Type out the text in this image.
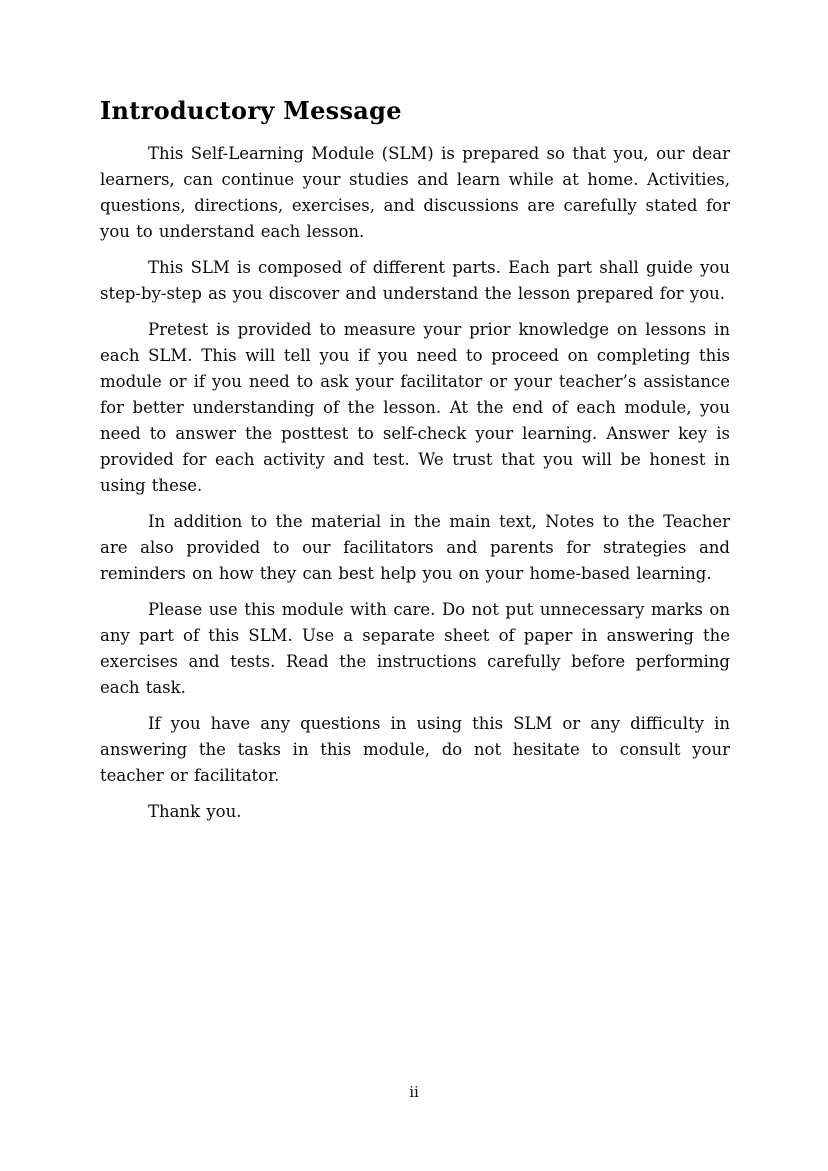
Introductory Message

This Self-Learning Module (SLM) is prepared so that you, our dear learners, can continue your studies and learn while at home. Activities, questions, directions, exercises, and discussions are carefully stated for you to understand each lesson.

This SLM is composed of different parts. Each part shall guide you step-by-step as you discover and understand the lesson prepared for you.

Pretest is provided to measure your prior knowledge on lessons in each SLM. This will tell you if you need to proceed on completing this module or if you need to ask your facilitator or your teacher’s assistance for better understanding of the lesson. At the end of each module, you need to answer the posttest to self-check your learning. Answer key is provided for each activity and test. We trust that you will be honest in using these.

In addition to the material in the main text, Notes to the Teacher are also provided to our facilitators and parents for strategies and reminders on how they can best help you on your home-based learning.

Please use this module with care. Do not put unnecessary marks on any part of this SLM. Use a separate sheet of paper in answering the exercises and tests. Read the instructions carefully before performing each task.

If you have any questions in using this SLM or any difficulty in answering the tasks in this module, do not hesitate to consult your teacher or facilitator.

Thank you.

ii
